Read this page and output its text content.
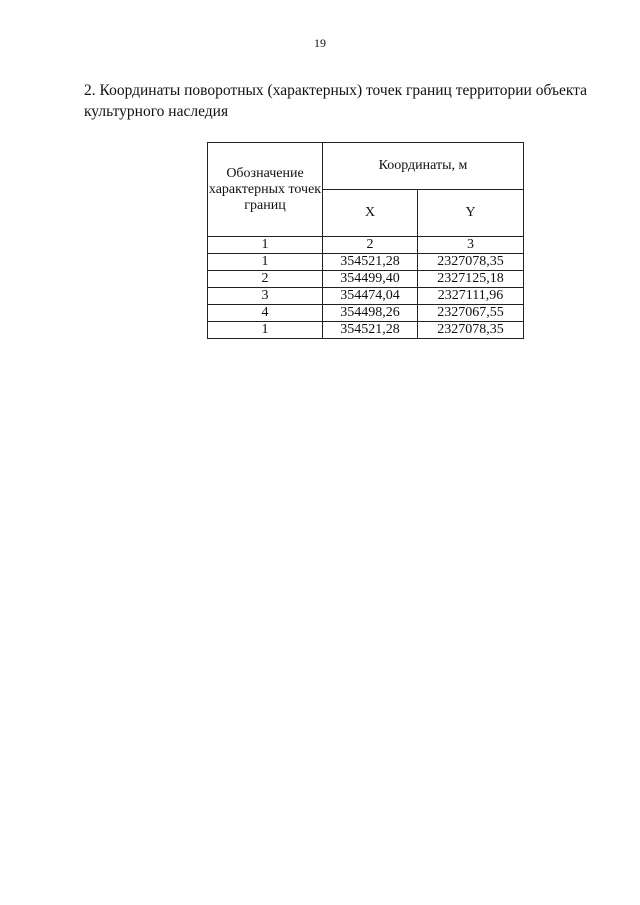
19
2. Координаты поворотных (характерных) точек границ территории объекта культурного наследия
Обозначение характерных точек границ	Координаты, м	
	X	Y
1	2	3
1	354521,28	2327078,35
2	354499,40	2327125,18
3	354474,04	2327111,96
4	354498,26	2327067,55
1	354521,28	2327078,35
